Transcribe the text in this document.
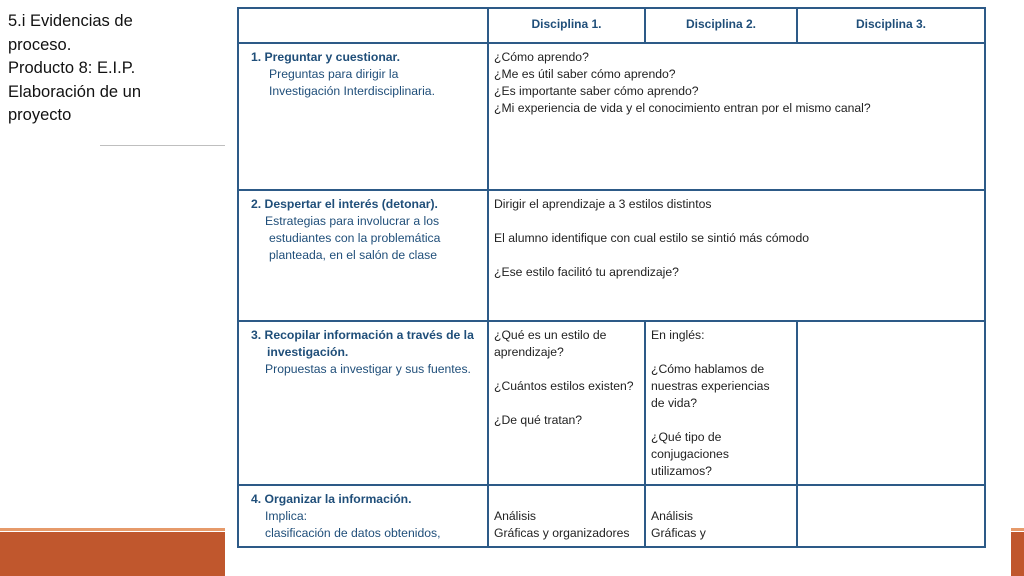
5.i Evidencias de
proceso.
Producto 8: E.I.P.
Elaboración de un
proyecto
Disciplina 1.	Disciplina 2.	Disciplina 3.
1. Preguntar y cuestionar.
Preguntas para dirigir la
Investigación Interdisciplinaria.
¿Cómo aprendo?
¿Me es útil saber cómo aprendo?
¿Es importante saber cómo aprendo?
¿Mi experiencia de vida y el conocimiento entran por el mismo canal?
2. Despertar el interés (detonar).
Estrategias para involucrar a los
estudiantes con la problemática
planteada, en el salón de clase
Dirigir el aprendizaje a 3 estilos distintos
El alumno identifique con cual estilo se sintió más cómodo
¿Ese estilo facilitó tu aprendizaje?
3. Recopilar información a través de la
investigación.
Propuestas a investigar y sus fuentes.
¿Qué es un estilo de
aprendizaje?
¿Cuántos estilos existen?
¿De qué tratan?
En inglés:
¿Cómo hablamos de
nuestras experiencias
de vida?
¿Qué tipo de
conjugaciones
utilizamos?
4. Organizar la información.
Implica:
clasificación de datos obtenidos,
Análisis
Gráficas y organizadores
Análisis
Gráficas y
